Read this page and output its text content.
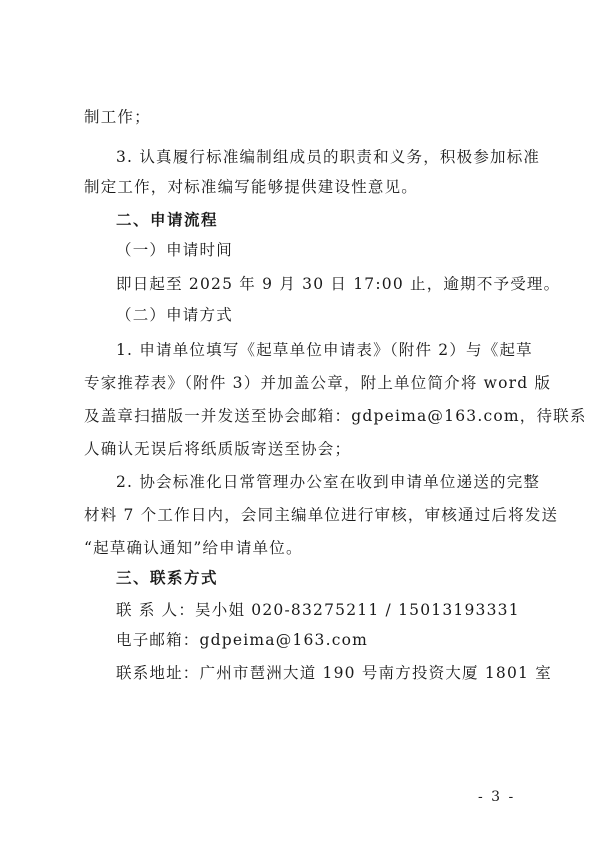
制工作；
3. 认真履行标准编制组成员的职责和义务，积极参加标准
制定工作，对标准编写能够提供建设性意见。
二、申请流程
（一）申请时间
即日起至 2025 年 9 月 30 日 17:00 止，逾期不予受理。
（二）申请方式
1. 申请单位填写《起草单位申请表》（附件 2）与《起草
专家推荐表》（附件 3）并加盖公章，附上单位简介将 word 版
及盖章扫描版一并发送至协会邮箱：gdpeima@163.com，待联系
人确认无误后将纸质版寄送至协会；
2. 协会标准化日常管理办公室在收到申请单位递送的完整
材料 7 个工作日内，会同主编单位进行审核，审核通过后将发送
“起草确认通知”给申请单位。
三、联系方式
联 系 人：吴小姐 020-83275211 / 15013193331
电子邮箱：gdpeima@163.com
联系地址：广州市琶洲大道 190 号南方投资大厦 1801 室
- 3 -
